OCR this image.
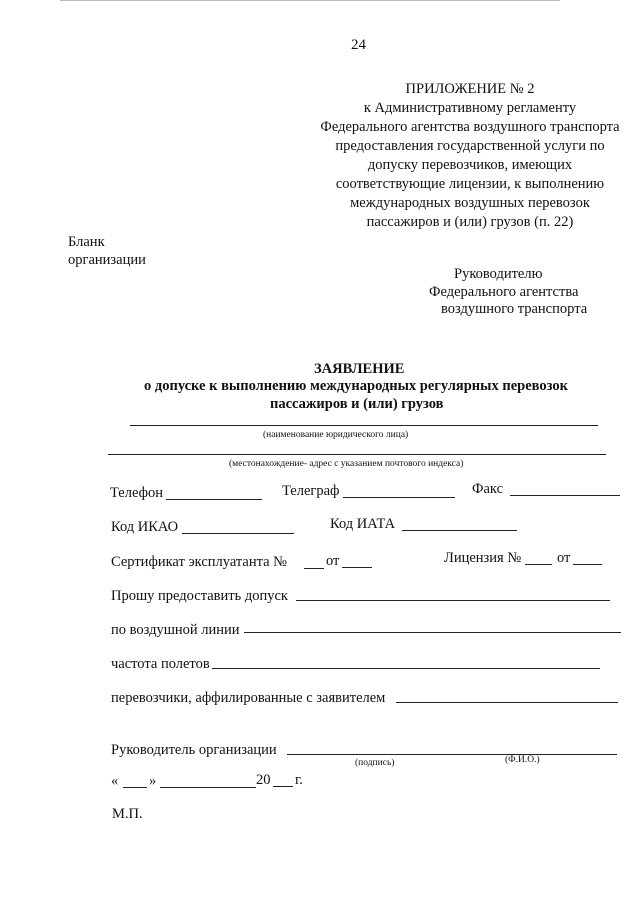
24
ПРИЛОЖЕНИЕ № 2
к Административному регламенту
Федерального агентства воздушного транспорта
предоставления государственной услуги по
допуску перевозчиков, имеющих
соответствующие лицензии, к выполнению
международных воздушных перевозок
пассажиров и (или) грузов (п. 22)
Бланк
организации
Руководителю
Федерального агентства
воздушного транспорта
ЗАЯВЛЕНИЕ
о допуске к выполнению международных регулярных перевозок
пассажиров и (или) грузов
(наименование юридического лица)
(местонахождение- адрес с указанием почтового индекса)
Телефон	Телеграф	Факс
Код ИКАО	Код ИАТА
Сертификат эксплуатанта №	от	Лицензия № от
Прошу предоставить допуск
по воздушной линии
частота полетов
перевозчики, аффилированные с заявителем
Руководитель организации
(подпись)	(Ф.И.О.)
« »	20 г.
М.П.
